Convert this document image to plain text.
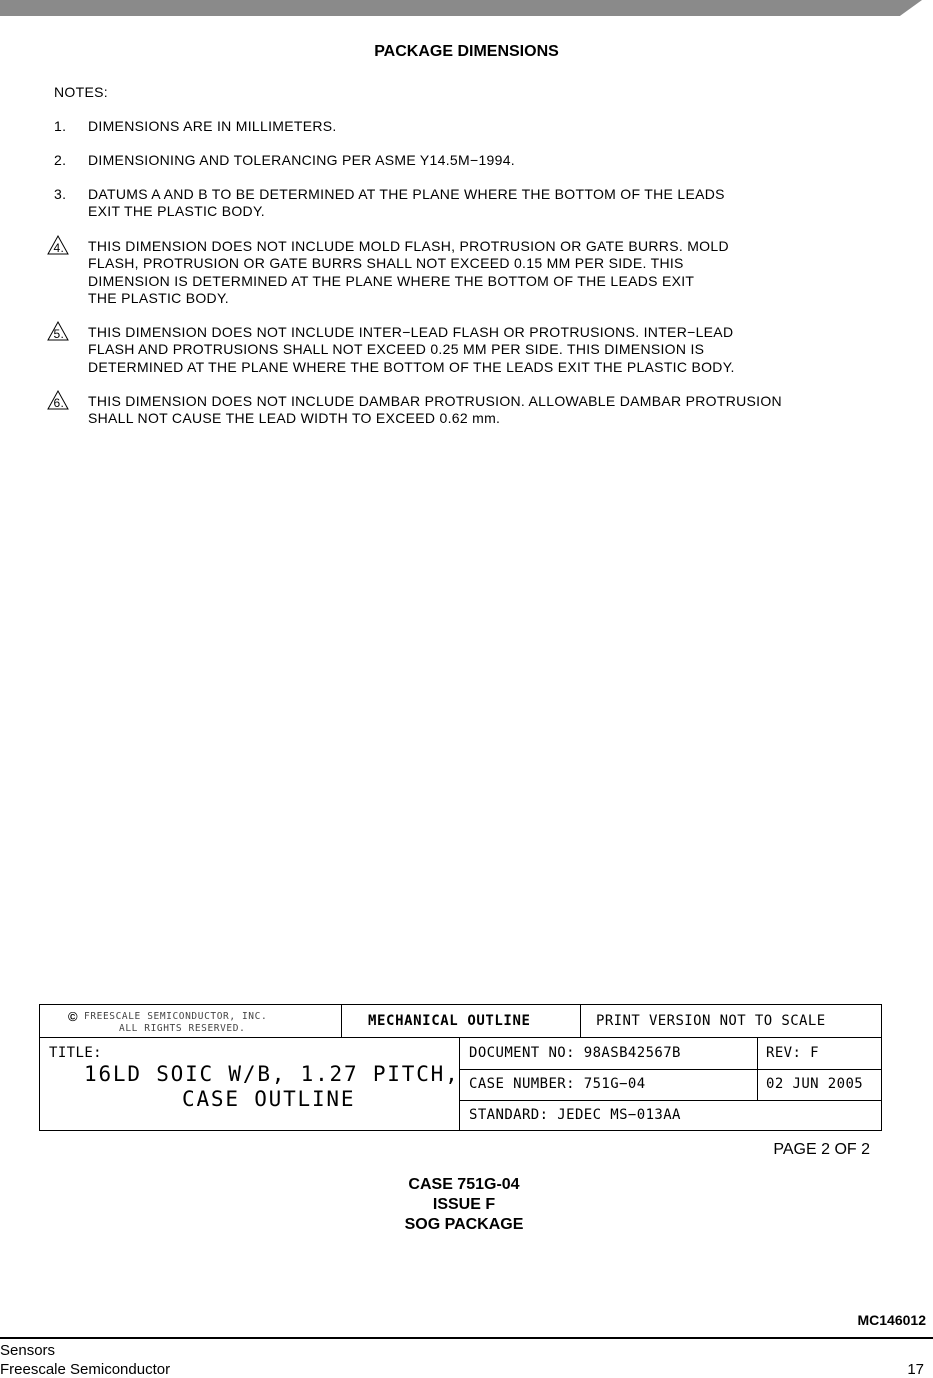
PACKAGE DIMENSIONS
NOTES:
1. DIMENSIONS ARE IN MILLIMETERS.
2. DIMENSIONING AND TOLERANCING PER ASME Y14.5M−1994.
3. DATUMS A AND B TO BE DETERMINED AT THE PLANE WHERE THE BOTTOM OF THE LEADS
EXIT THE PLASTIC BODY.
4. THIS DIMENSION DOES NOT INCLUDE MOLD FLASH, PROTRUSION OR GATE BURRS. MOLD
FLASH, PROTRUSION OR GATE BURRS SHALL NOT EXCEED 0.15 MM PER SIDE. THIS
DIMENSION IS DETERMINED AT THE PLANE WHERE THE BOTTOM OF THE LEADS EXIT
THE PLASTIC BODY.
5. THIS DIMENSION DOES NOT INCLUDE INTER−LEAD FLASH OR PROTRUSIONS. INTER−LEAD
FLASH AND PROTRUSIONS SHALL NOT EXCEED 0.25 MM PER SIDE. THIS DIMENSION IS
DETERMINED AT THE PLANE WHERE THE BOTTOM OF THE LEADS EXIT THE PLASTIC BODY.
6. THIS DIMENSION DOES NOT INCLUDE DAMBAR PROTRUSION. ALLOWABLE DAMBAR PROTRUSION
SHALL NOT CAUSE THE LEAD WIDTH TO EXCEED 0.62 mm.
© FREESCALE SEMICONDUCTOR, INC.
ALL RIGHTS RESERVED.	MECHANICAL OUTLINE	PRINT VERSION NOT TO SCALE
TITLE:
16LD SOIC W/B, 1.27 PITCH,
CASE OUTLINE
DOCUMENT NO: 98ASB42567B	REV: F
CASE NUMBER: 751G−04	02 JUN 2005
STANDARD: JEDEC MS−013AA
PAGE 2 OF 2
CASE 751G-04
ISSUE F
SOG PACKAGE
MC146012
Sensors
Freescale Semiconductor	17
